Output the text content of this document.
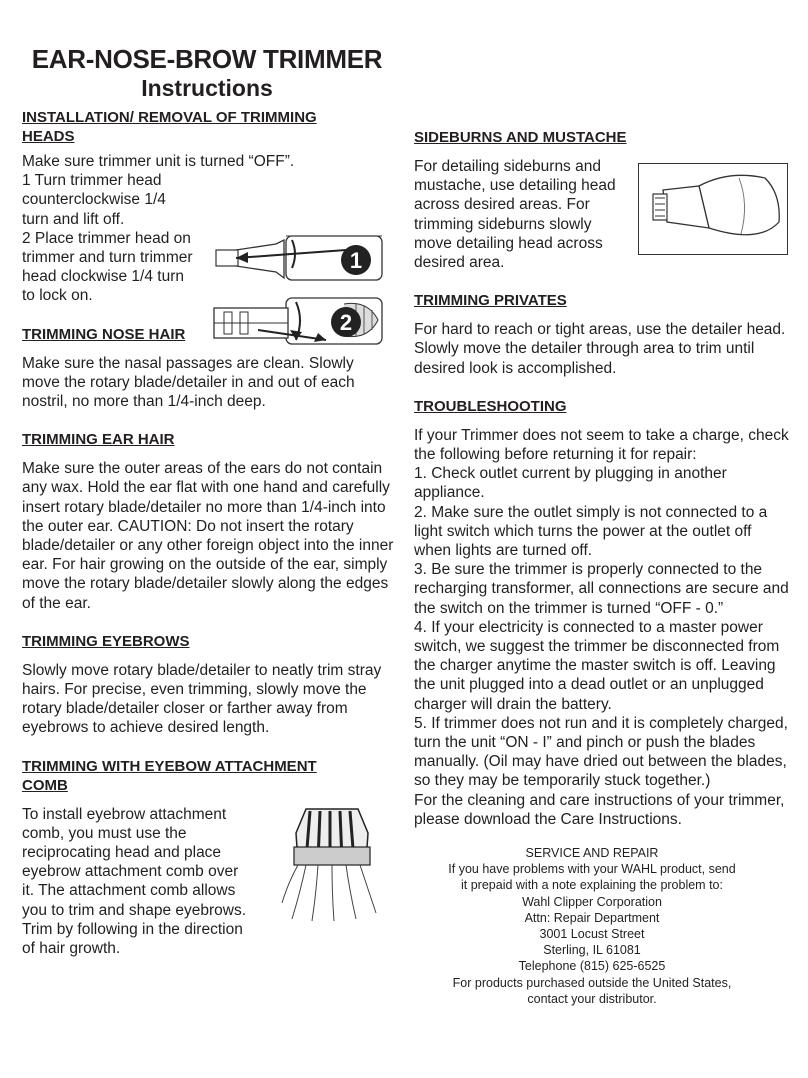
EAR-NOSE-BROW TRIMMER
Instructions
INSTALLATION/ REMOVAL OF TRIMMING HEADS
Make sure trimmer unit is turned “OFF”.
1 Turn trimmer head counterclockwise 1/4 turn and lift off.
2 Place trimmer head on trimmer and turn trimmer head clockwise 1/4 turn to lock on.
1
2
TRIMMING NOSE HAIR

Make sure the nasal passages are clean. Slowly move the rotary blade/detailer in and out of each nostril, no more than 1/4-inch deep.

TRIMMING EAR HAIR

Make sure the outer areas of the ears do not contain any wax. Hold the ear flat with one hand and carefully insert rotary blade/detailer no more than 1/4-inch into the outer ear. CAUTION: Do not insert the rotary blade/detailer or any other foreign object into the inner ear. For hair growing on the outside of the ear, simply move the rotary blade/detailer slowly along the edges of the ear.

TRIMMING EYEBROWS

Slowly move rotary blade/detailer to neatly trim stray hairs. For precise, even trimming, slowly move the rotary blade/detailer closer or farther away from eyebrows to achieve desired length.

TRIMMING WITH EYEBOW ATTACHMENT COMB

To install eyebrow attachment comb, you must use the reciprocating head and place eyebrow attachment comb over it. The attachment comb allows you to trim and shape eyebrows. Trim by following in the direction of hair growth.

SIDEBURNS AND MUSTACHE

For detailing sideburns and mustache, use detailing head across desired areas. For trimming sideburns slowly move detailing head across desired area.

TRIMMING PRIVATES

For hard to reach or tight areas, use the detailer head. Slowly move the detailer through area to trim until desired look is accomplished.

TROUBLESHOOTING
If your Trimmer does not seem to take a charge, check the following before returning it for repair:
1. Check outlet current by plugging in another appliance.
2. Make sure the outlet simply is not connected to a light switch which turns the power at the outlet off when lights are turned off.
3. Be sure the trimmer is properly connected to the recharging transformer, all connections are secure and the switch on the trimmer is turned “OFF - 0.”
4. If your electricity is connected to a master power switch, we suggest the trimmer be disconnected from the charger anytime the master switch is off. Leaving the unit plugged into a dead outlet or an unplugged charger will drain the battery.
5. If trimmer does not run and it is completely charged, turn the unit “ON - I” and pinch or push the blades manually. (Oil may have dried out between the blades, so they may be temporarily stuck together.)
For the cleaning and care instructions of your trimmer, please download the Care Instructions.
SERVICE AND REPAIR
If you have problems with your WAHL product, send
it prepaid with a note explaining the problem to:
Wahl Clipper Corporation
Attn: Repair Department
3001 Locust Street
Sterling, IL 61081
Telephone (815) 625-6525
For products purchased outside the United States,
contact your distributor.
